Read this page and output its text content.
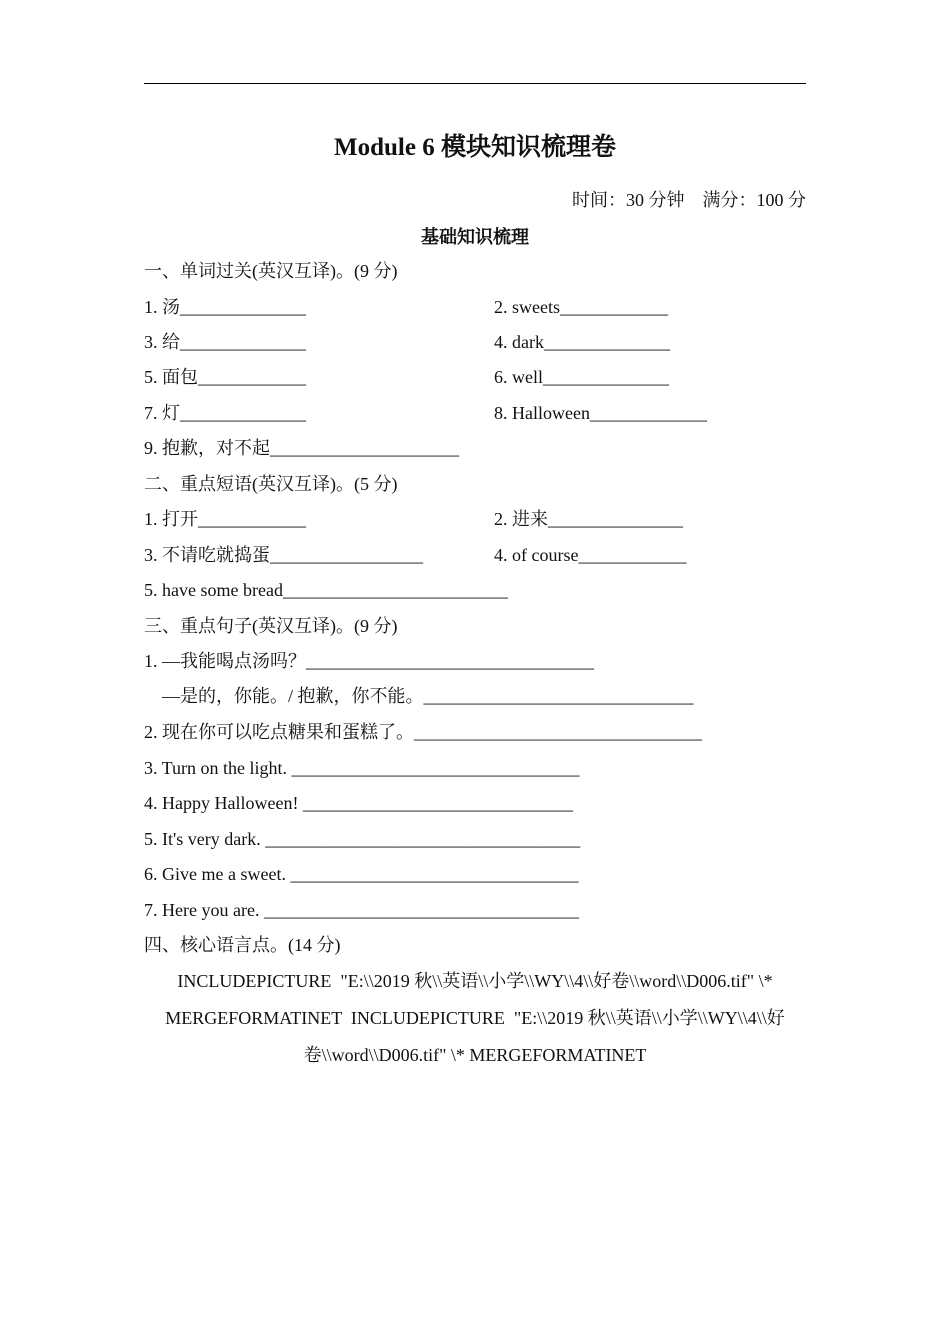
Module 6 模块知识梳理卷
时间：30 分钟    满分：100 分
基础知识梳理
一、单词过关(英汉互译)。(9 分)
1. 汤______________	2. sweets____________
3. 给______________	4. dark______________
5. 面包____________	6. well______________
7. 灯______________	8. Halloween_____________
9. 抱歉，对不起_____________________
二、重点短语(英汉互译)。(5 分)
1. 打开____________	2. 进来_______________
3. 不请吃就捣蛋_________________	4. of course____________
5. have some bread_________________________
三、重点句子(英汉互译)。(9 分)
1. —我能喝点汤吗？________________________________
—是的，你能。/ 抱歉，你不能。______________________________
2. 现在你可以吃点糖果和蛋糕了。________________________________
3. Turn on the light. ________________________________
4. Happy Halloween! ______________________________
5. It's very dark. ___________________________________
6. Give me a sweet. ________________________________
7. Here you are. ___________________________________
四、核心语言点。(14 分)
INCLUDEPICTURE  "E:\\2019 秋\\英语\\小学\\WY\\4\\好卷\\word\\D006.tif" \*
MERGEFORMATINET  INCLUDEPICTURE  "E:\\2019 秋\\英语\\小学\\WY\\4\\好
卷\\word\\D006.tif" \* MERGEFORMATINET
